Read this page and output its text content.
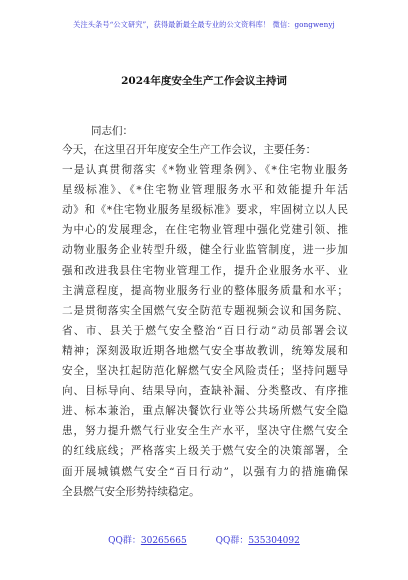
关注头条号“公文研究”，获得最新最全最专业的公文资料库！ 微信：gongwenyj
2024年度安全生产工作会议主持词
同志们：
今天，在这里召开年度安全生产工作会议，主要任务：
一是认真贯彻落实《*物业管理条例》、《*住宅物业服务
星级标准》、《*住宅物业管理服务水平和效能提升年活
动》和《*住宅物业服务星级标准》要求，牢固树立以人民
为中心的发展理念，在住宅物业管理中强化党建引领、推
动物业服务企业转型升级，健全行业监管制度，进一步加
强和改进我县住宅物业管理工作，提升企业服务水平、业
主满意程度，提高物业服务行业的整体服务质量和水平；
二是贯彻落实全国燃气安全防范专题视频会议和国务院、
省、市、县关于燃气安全整治“百日行动”动员部署会议
精神；深刻汲取近期各地燃气安全事故教训，统筹发展和
安全，坚决扛起防范化解燃气安全风险责任；坚持问题导
向、目标导向、结果导向，查缺补漏、分类整改、有序推
进、标本兼治，重点解决餐饮行业等公共场所燃气安全隐
患，努力提升燃气行业安全生产水平，坚决守住燃气安全
的红线底线；严格落实上级关于燃气安全的决策部署，全
面开展城镇燃气安全“百日行动”，以强有力的措施确保
全县燃气安全形势持续稳定。
QQ群：30265665	QQ群：535304092
